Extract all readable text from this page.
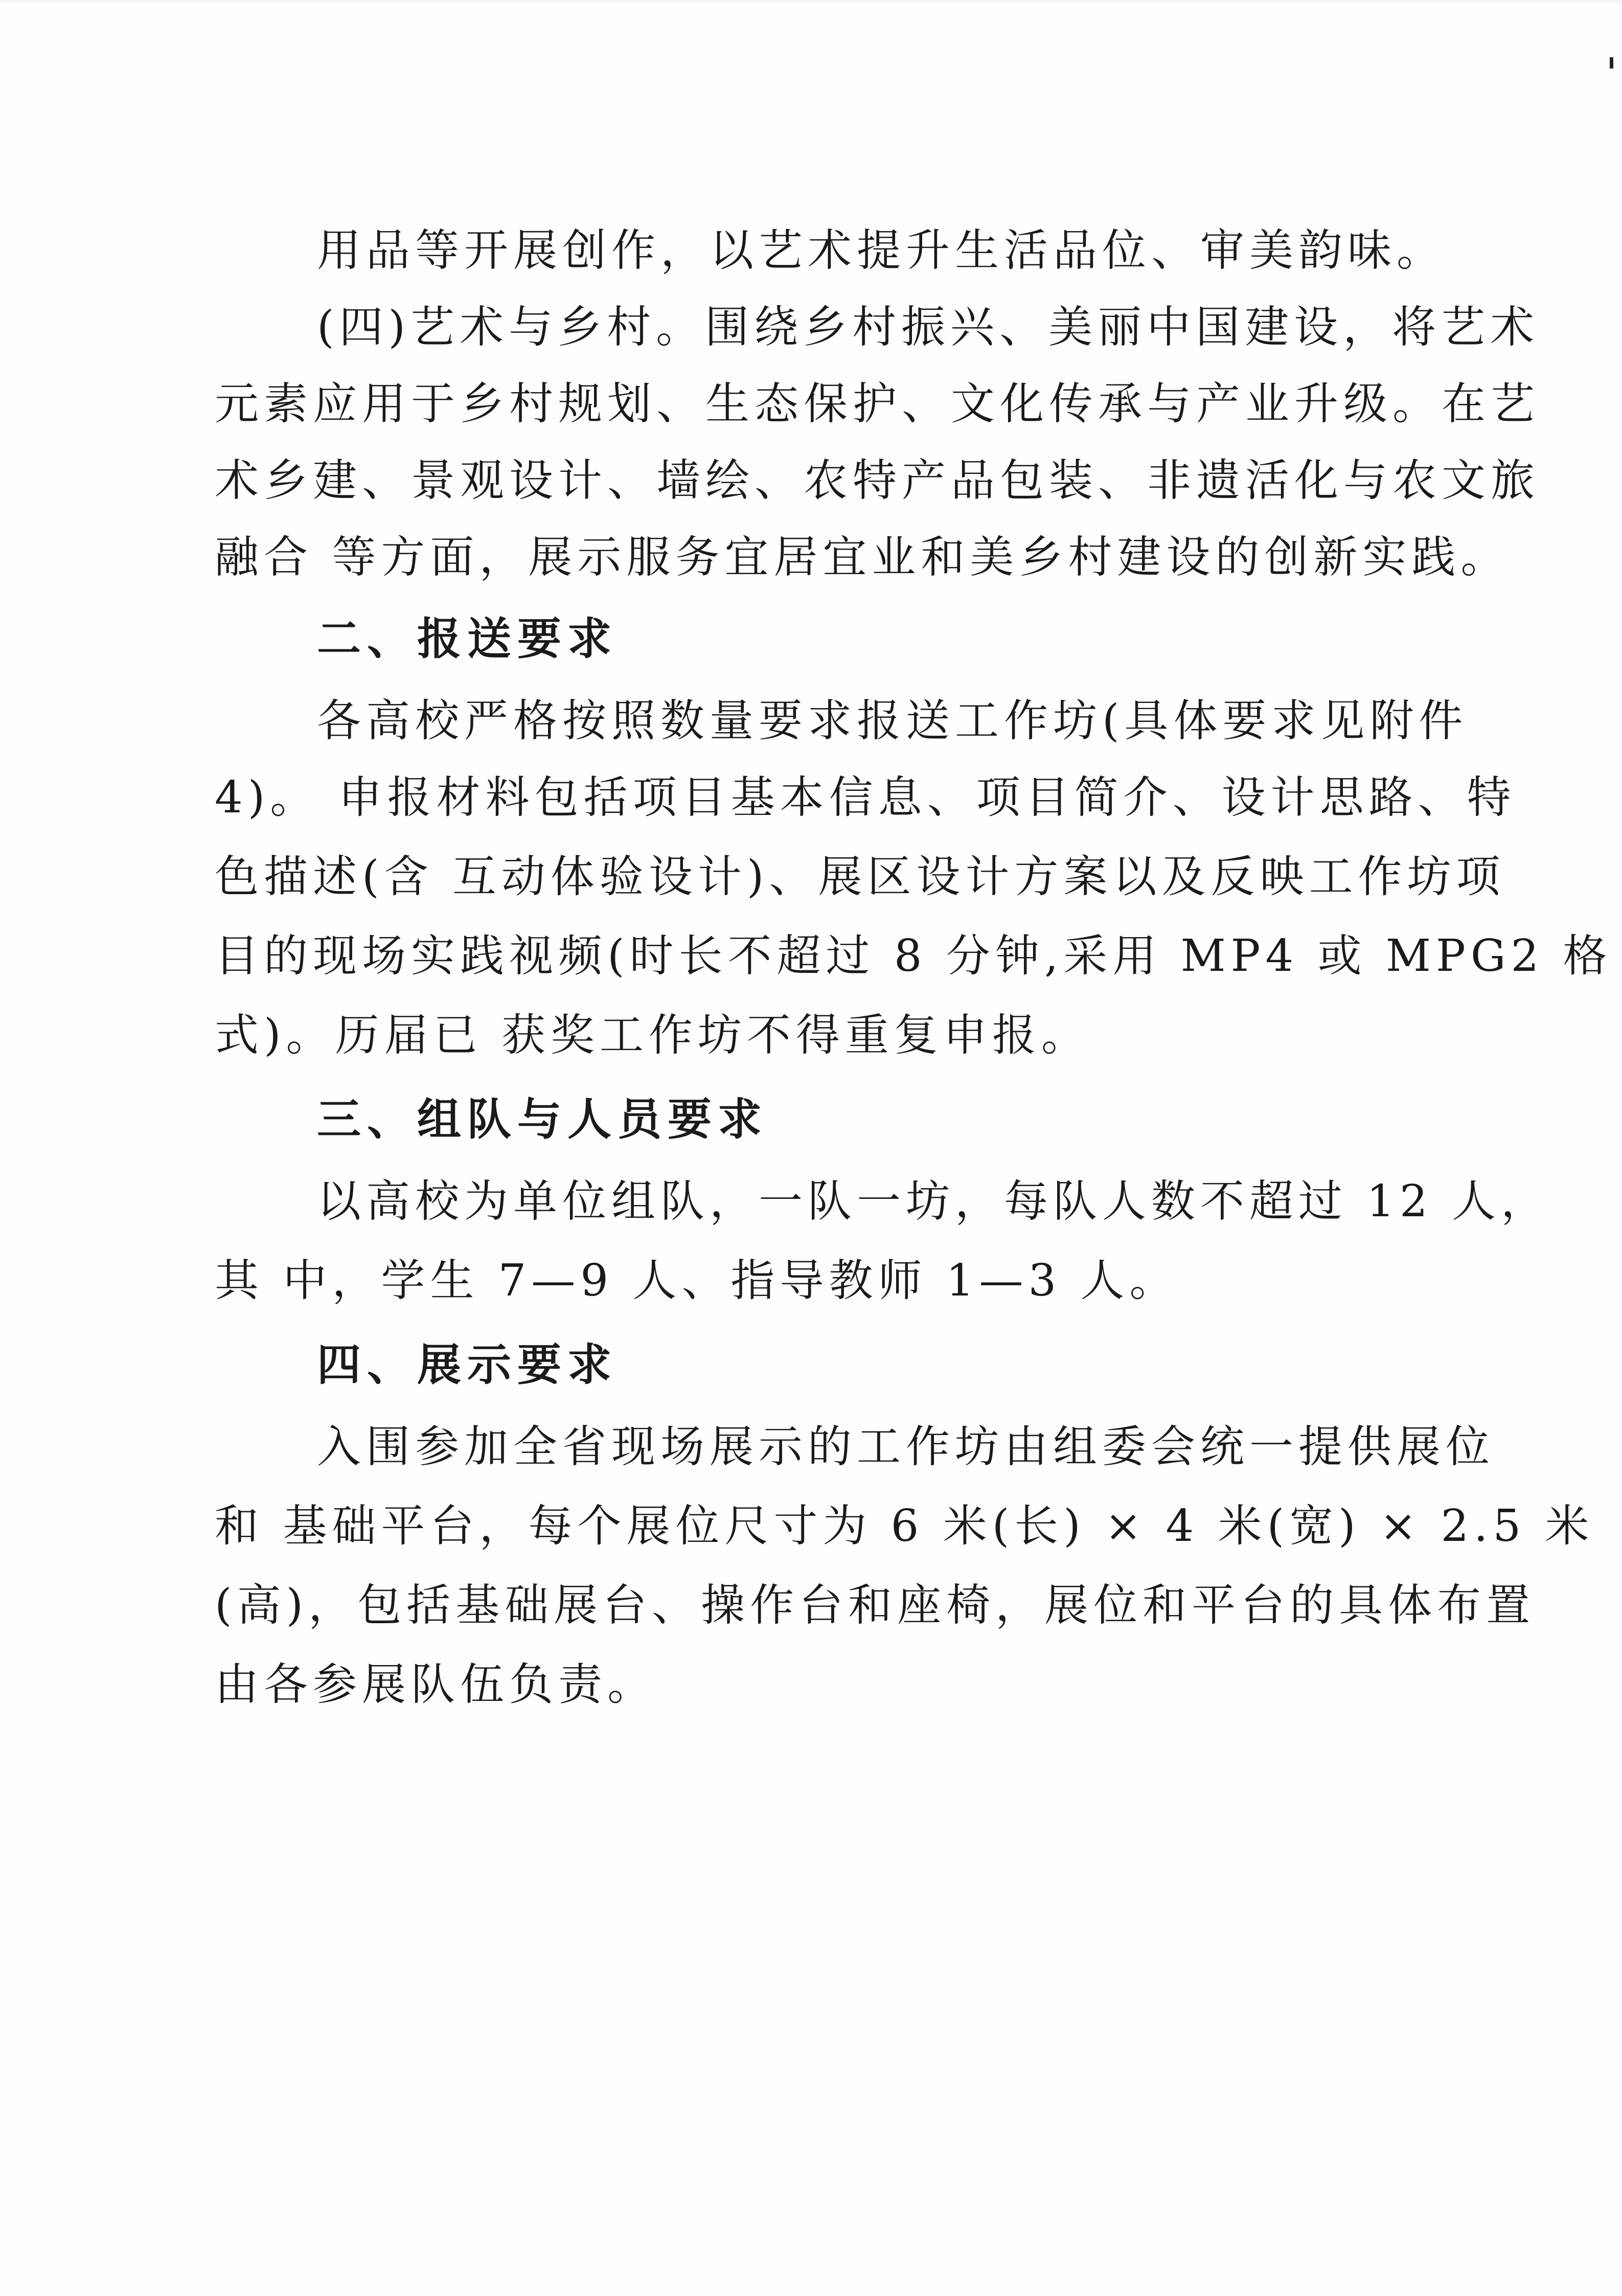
用品等开展创作，以艺术提升生活品位、审美韵味。
(四)艺术与乡村。围绕乡村振兴、美丽中国建设，将艺术
元素应用于乡村规划、生态保护、文化传承与产业升级。在艺
术乡建、景观设计、墙绘、农特产品包装、非遗活化与农文旅
融合 等方面，展示服务宜居宜业和美乡村建设的创新实践。
二、报送要求
各高校严格按照数量要求报送工作坊(具体要求见附件
4)。 申报材料包括项目基本信息、项目简介、设计思路、特
色描述(含 互动体验设计)、展区设计方案以及反映工作坊项
目的现场实践视频(时长不超过 8 分钟,采用 MP4 或 MPG2 格
式)。历届已 获奖工作坊不得重复申报。
三、组队与人员要求
以高校为单位组队，一队一坊，每队人数不超过 12 人，
其 中，学生 7—9 人、指导教师 1—3 人。
四、展示要求
入围参加全省现场展示的工作坊由组委会统一提供展位
和 基础平台，每个展位尺寸为 6 米(长) × 4 米(宽) × 2.5 米
(高)，包括基础展台、操作台和座椅，展位和平台的具体布置
由各参展队伍负责。
